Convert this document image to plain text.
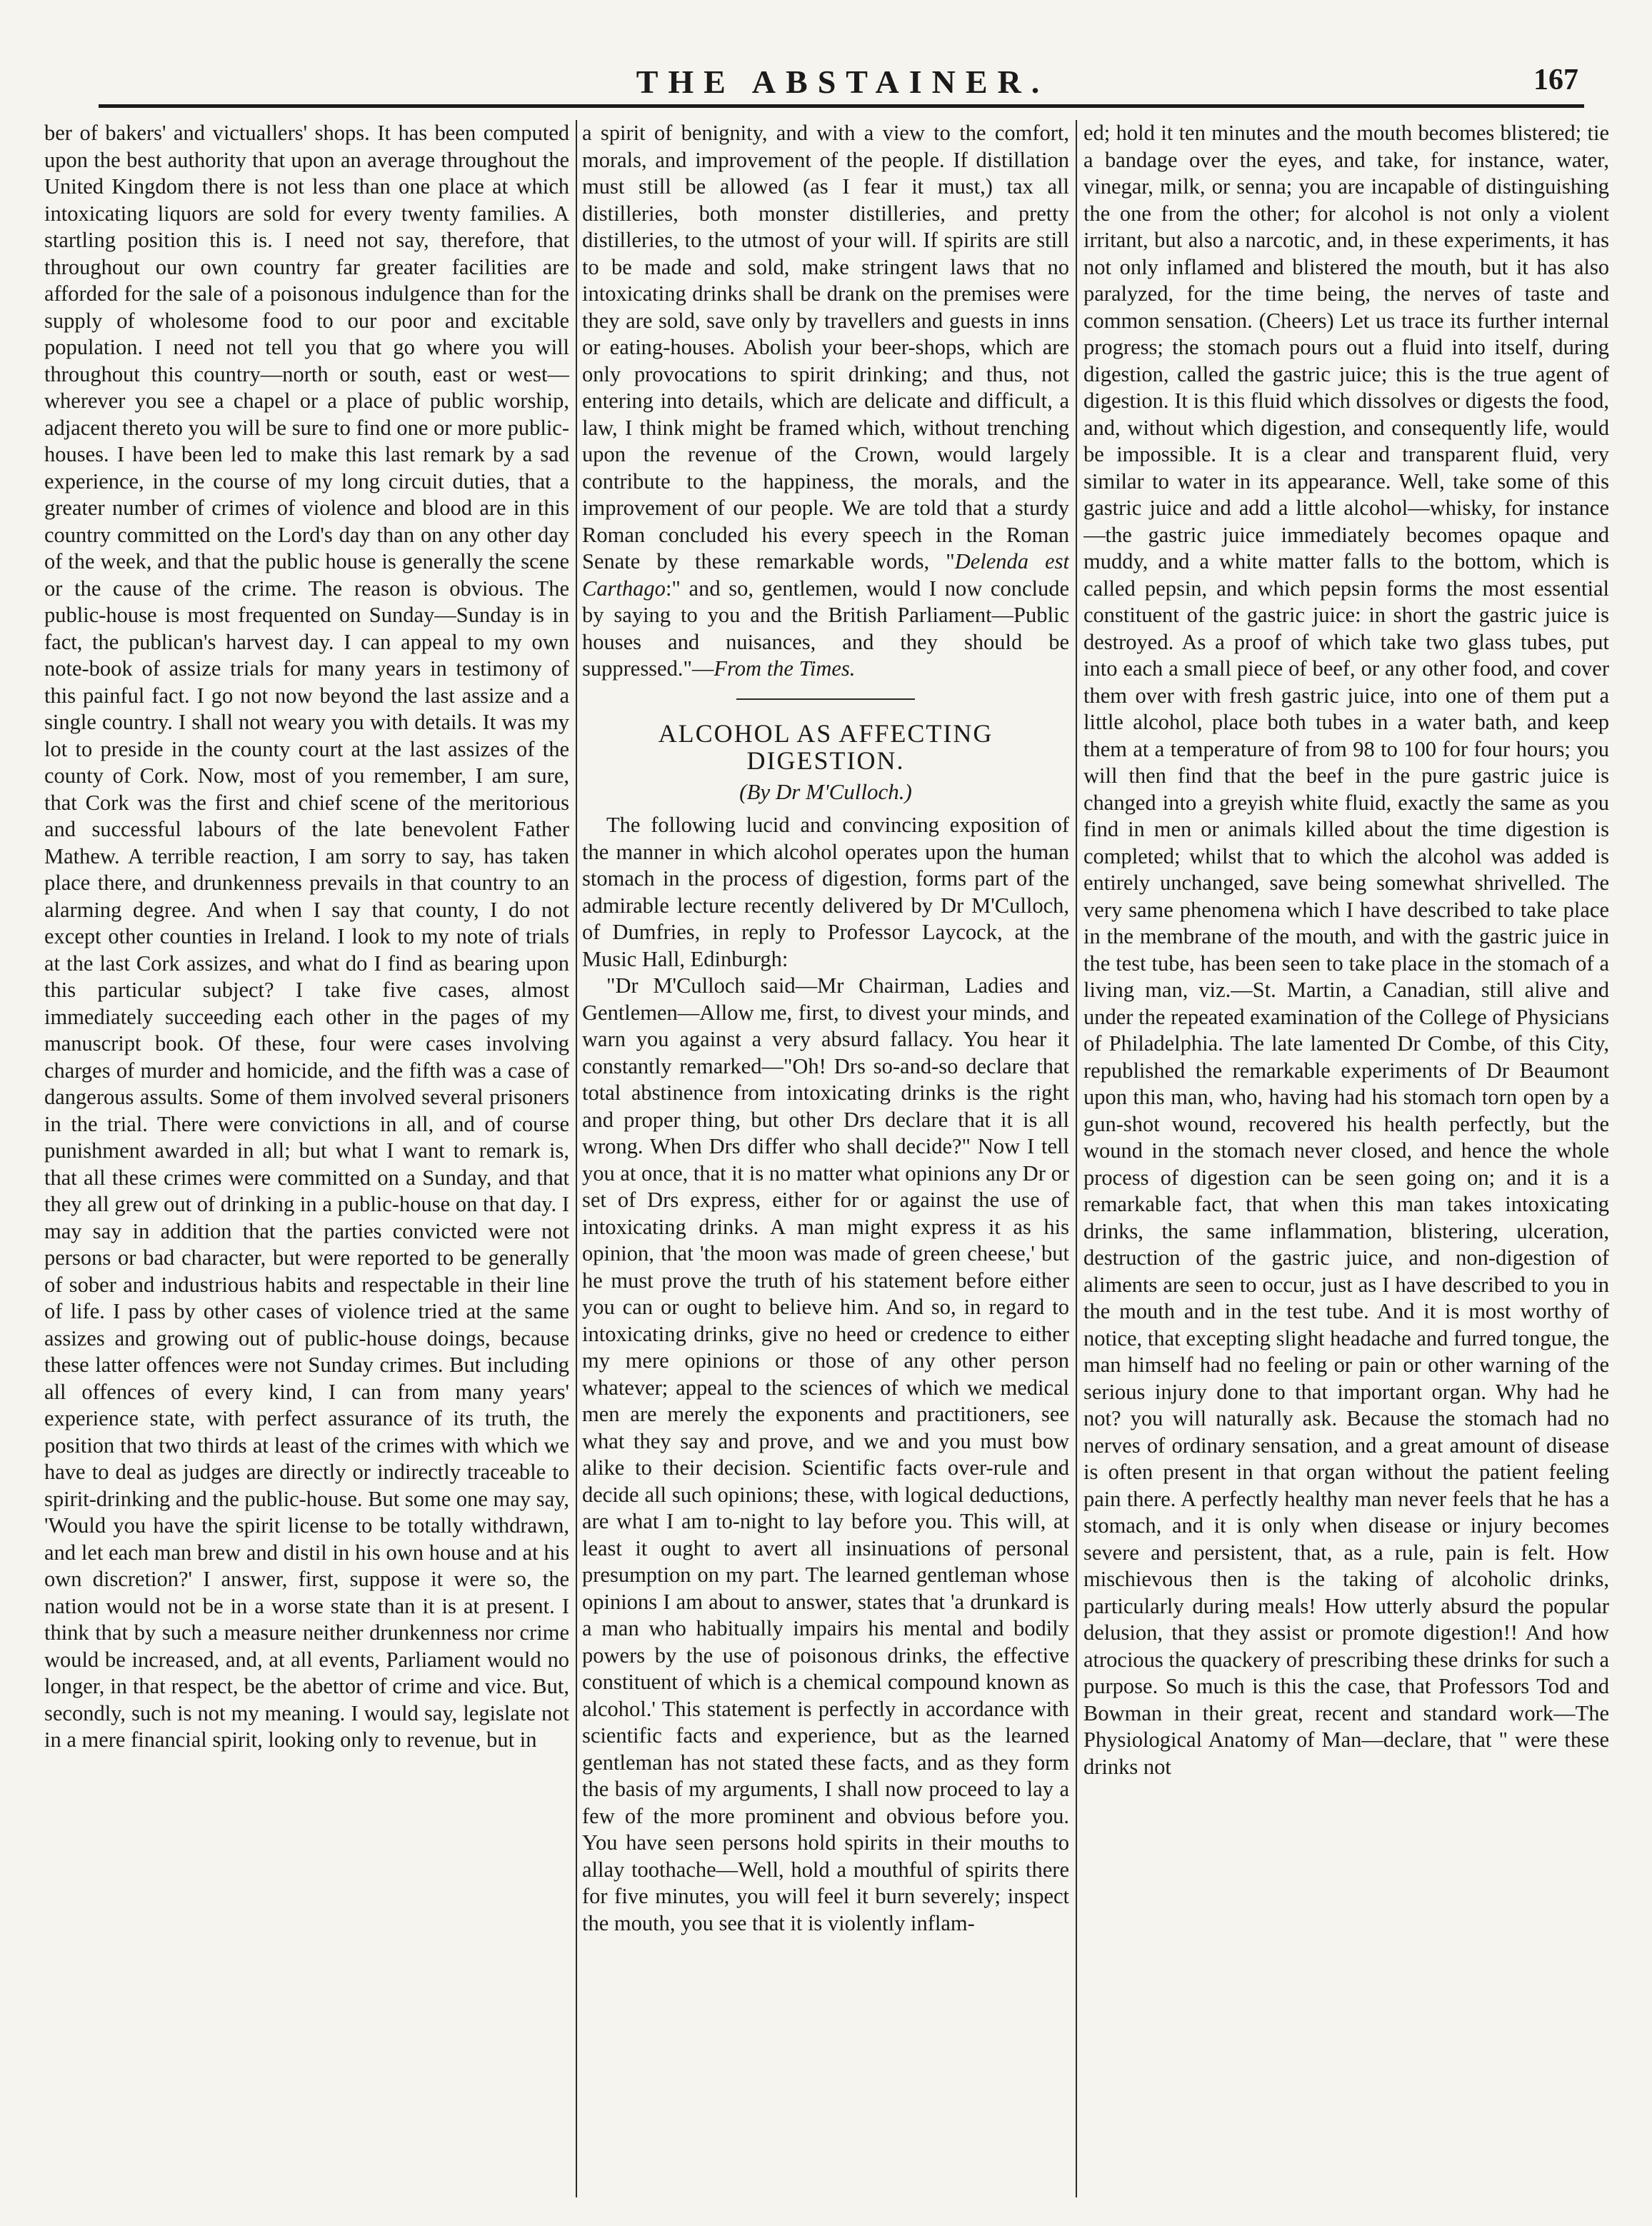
THE ABSTAINER.	167

ber of bakers' and victuallers' shops. It has been computed upon the best authority that upon an average throughout the United Kingdom there is not less than one place at which intoxicating liquors are sold for every twenty families. A startling position this is. I need not say, therefore, that throughout our own country far greater facilities are afforded for the sale of a poisonous indulgence than for the supply of wholesome food to our poor and excitable population. I need not tell you that go where you will throughout this country—north or south, east or west—wherever you see a chapel or a place of public worship, adjacent thereto you will be sure to find one or more public-houses. I have been led to make this last remark by a sad experience, in the course of my long circuit duties, that a greater number of crimes of violence and blood are in this country committed on the Lord's day than on any other day of the week, and that the public house is generally the scene or the cause of the crime. The reason is obvious. The public-house is most frequented on Sunday—Sunday is in fact, the publican's harvest day. I can appeal to my own note-book of assize trials for many years in testimony of this painful fact. I go not now beyond the last assize and a single country. I shall not weary you with details. It was my lot to preside in the county court at the last assizes of the county of Cork. Now, most of you remember, I am sure, that Cork was the first and chief scene of the meritorious and successful labours of the late benevolent Father Mathew. A terrible reaction, I am sorry to say, has taken place there, and drunkenness prevails in that country to an alarming degree. And when I say that county, I do not except other counties in Ireland. I look to my note of trials at the last Cork assizes, and what do I find as bearing upon this particular subject? I take five cases, almost immediately succeeding each other in the pages of my manuscript book. Of these, four were cases involving charges of murder and homicide, and the fifth was a case of dangerous assults. Some of them involved several prisoners in the trial. There were convictions in all, and of course punishment awarded in all; but what I want to remark is, that all these crimes were committed on a Sunday, and that they all grew out of drinking in a public-house on that day. I may say in addition that the parties convicted were not persons or bad character, but were reported to be generally of sober and industrious habits and respectable in their line of life. I pass by other cases of violence tried at the same assizes and growing out of public-house doings, because these latter offences were not Sunday crimes. But including all offences of every kind, I can from many years' experience state, with perfect assurance of its truth, the position that two thirds at least of the crimes with which we have to deal as judges are directly or indirectly traceable to spirit-drinking and the public-house. But some one may say, 'Would you have the spirit license to be totally withdrawn, and let each man brew and distil in his own house and at his own discretion?' I answer, first, suppose it were so, the nation would not be in a worse state than it is at present. I think that by such a measure neither drunkenness nor crime would be increased, and, at all events, Parliament would no longer, in that respect, be the abettor of crime and vice. But, secondly, such is not my meaning. I would say, legislate not in a mere financial spirit, looking only to revenue, but in

a spirit of benignity, and with a view to the comfort, morals, and improvement of the people. If distillation must still be allowed (as I fear it must,) tax all distilleries, both monster distilleries, and pretty distilleries, to the utmost of your will. If spirits are still to be made and sold, make stringent laws that no intoxicating drinks shall be drank on the premises were they are sold, save only by travellers and guests in inns or eating-houses. Abolish your beer-shops, which are only provocations to spirit drinking; and thus, not entering into details, which are delicate and difficult, a law, I think might be framed which, without trenching upon the revenue of the Crown, would largely contribute to the happiness, the morals, and the improvement of our people. We are told that a sturdy Roman concluded his every speech in the Roman Senate by these remarkable words, "Delenda est Carthago:" and so, gentlemen, would I now conclude by saying to you and the British Parliament—Public houses and nuisances, and they should be suppressed."—From the Times.

ALCOHOL AS AFFECTING DIGESTION.
(By Dr M'Culloch.)

The following lucid and convincing exposition of the manner in which alcohol operates upon the human stomach in the process of digestion, forms part of the admirable lecture recently delivered by Dr M'Culloch, of Dumfries, in reply to Professor Laycock, at the Music Hall, Edinburgh:

"Dr M'Culloch said—Mr Chairman, Ladies and Gentlemen—Allow me, first, to divest your minds, and warn you against a very absurd fallacy. You hear it constantly remarked—"Oh! Drs so-and-so declare that total abstinence from intoxicating drinks is the right and proper thing, but other Drs declare that it is all wrong. When Drs differ who shall decide?" Now I tell you at once, that it is no matter what opinions any Dr or set of Drs express, either for or against the use of intoxicating drinks. A man might express it as his opinion, that 'the moon was made of green cheese,' but he must prove the truth of his statement before either you can or ought to believe him. And so, in regard to intoxicating drinks, give no heed or credence to either my mere opinions or those of any other person whatever; appeal to the sciences of which we medical men are merely the exponents and practitioners, see what they say and prove, and we and you must bow alike to their decision. Scientific facts over-rule and decide all such opinions; these, with logical deductions, are what I am to-night to lay before you. This will, at least it ought to avert all insinuations of personal presumption on my part. The learned gentleman whose opinions I am about to answer, states that 'a drunkard is a man who habitually impairs his mental and bodily powers by the use of poisonous drinks, the effective constituent of which is a chemical compound known as alcohol.' This statement is perfectly in accordance with scientific facts and experience, but as the learned gentleman has not stated these facts, and as they form the basis of my arguments, I shall now proceed to lay a few of the more prominent and obvious before you. You have seen persons hold spirits in their mouths to allay toothache—Well, hold a mouthful of spirits there for five minutes, you will feel it burn severely; inspect the mouth, you see that it is violently inflam-

ed; hold it ten minutes and the mouth becomes blistered; tie a bandage over the eyes, and take, for instance, water, vinegar, milk, or senna; you are incapable of distinguishing the one from the other; for alcohol is not only a violent irritant, but also a narcotic, and, in these experiments, it has not only inflamed and blistered the mouth, but it has also paralyzed, for the time being, the nerves of taste and common sensation. (Cheers) Let us trace its further internal progress; the stomach pours out a fluid into itself, during digestion, called the gastric juice; this is the true agent of digestion. It is this fluid which dissolves or digests the food, and, without which digestion, and consequently life, would be impossible. It is a clear and transparent fluid, very similar to water in its appearance. Well, take some of this gastric juice and add a little alcohol—whisky, for instance—the gastric juice immediately becomes opaque and muddy, and a white matter falls to the bottom, which is called pepsin, and which pepsin forms the most essential constituent of the gastric juice: in short the gastric juice is destroyed. As a proof of which take two glass tubes, put into each a small piece of beef, or any other food, and cover them over with fresh gastric juice, into one of them put a little alcohol, place both tubes in a water bath, and keep them at a temperature of from 98 to 100 for four hours; you will then find that the beef in the pure gastric juice is changed into a greyish white fluid, exactly the same as you find in men or animals killed about the time digestion is completed; whilst that to which the alcohol was added is entirely unchanged, save being somewhat shrivelled. The very same phenomena which I have described to take place in the membrane of the mouth, and with the gastric juice in the test tube, has been seen to take place in the stomach of a living man, viz.—St. Martin, a Canadian, still alive and under the repeated examination of the College of Physicians of Philadelphia. The late lamented Dr Combe, of this City, republished the remarkable experiments of Dr Beaumont upon this man, who, having had his stomach torn open by a gun-shot wound, recovered his health perfectly, but the wound in the stomach never closed, and hence the whole process of digestion can be seen going on; and it is a remarkable fact, that when this man takes intoxicating drinks, the same inflammation, blistering, ulceration, destruction of the gastric juice, and non-digestion of aliments are seen to occur, just as I have described to you in the mouth and in the test tube. And it is most worthy of notice, that excepting slight headache and furred tongue, the man himself had no feeling or pain or other warning of the serious injury done to that important organ. Why had he not? you will naturally ask. Because the stomach had no nerves of ordinary sensation, and a great amount of disease is often present in that organ without the patient feeling pain there. A perfectly healthy man never feels that he has a stomach, and it is only when disease or injury becomes severe and persistent, that, as a rule, pain is felt. How mischievous then is the taking of alcoholic drinks, particularly during meals! How utterly absurd the popular delusion, that they assist or promote digestion!! And how atrocious the quackery of prescribing these drinks for such a purpose. So much is this the case, that Professors Tod and Bowman in their great, recent and standard work—The Physiological Anatomy of Man—declare, that " were these drinks not
